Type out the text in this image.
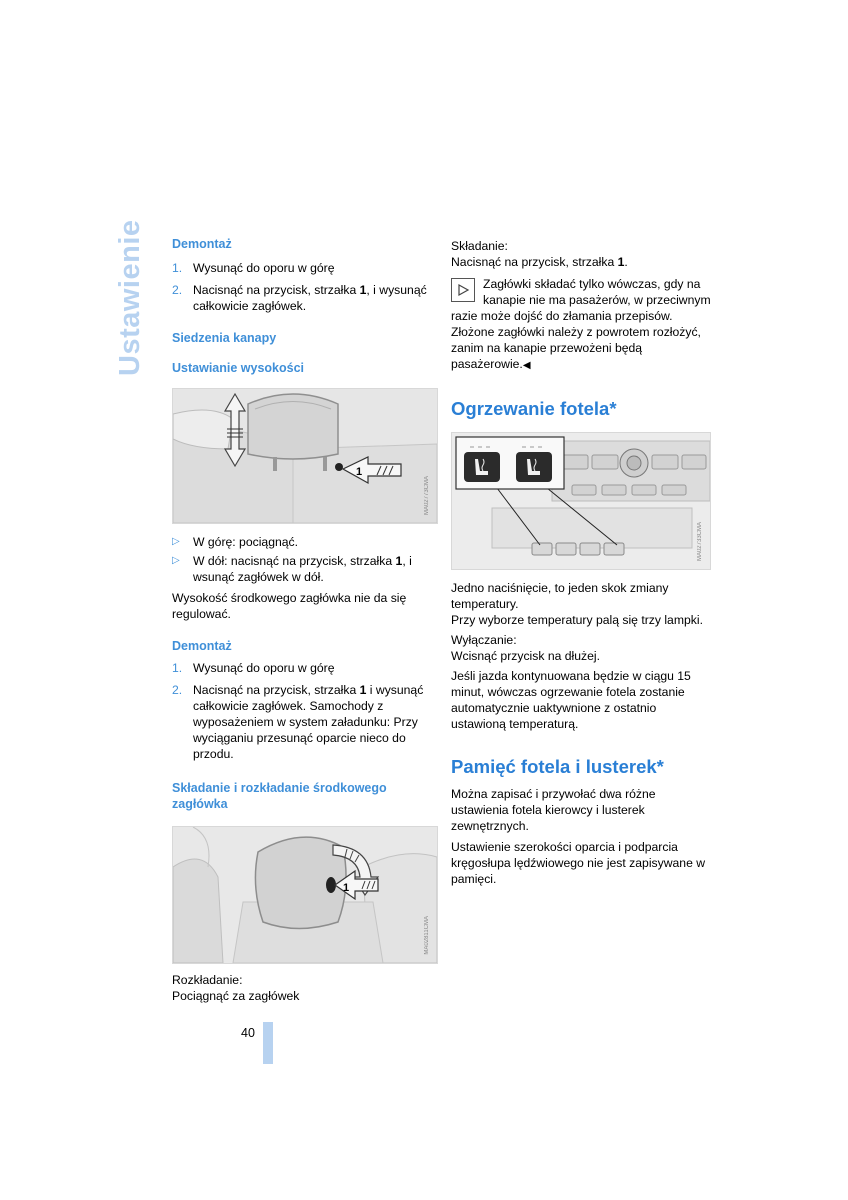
Ustawienie Demontaż
1. Wysunąć do oporu w górę
2. Nacisnąć na przycisk, strzałka 1, i wysunąć całkowicie zagłówek.
Siedzenia kanapy
Ustawianie wysokości
1
MA02773CMA
▷ W górę: pociągnąć.
▷ W dół: nacisnąć na przycisk, strzałka 1, i wsunąć zagłówek w dół.

Wysokość środkowego zagłówka nie da się regulować.

Demontaż
1. Wysunąć do oporu w górę
2. Nacisnąć na przycisk, strzałka 1 i wysunąć całkowicie zagłówek. Samochody z wyposażeniem w system załadunku: Przy wyciąganiu przesunąć oparcie nieco do przodu.
Składanie i rozkładanie środkowego zagłówka
1
MA02811CMA

Rozkładanie:

Pociągnąć za zagłówek

Składanie:

Nacisnąć na przycisk, strzałka 1.

Zagłówki składać tylko wówczas, gdy na kanapie nie ma pasażerów, w przeciwnym razie może dojść do złamania przepisów. Złożone zagłówki należy z powrotem rozłożyć, zanim na kanapie przewożeni będą pasażerowie.◀
Ogrzewanie fotela*
MA02733CMA

Jedno naciśnięcie, to jeden skok zmiany temperatury.

Przy wyborze temperatury palą się trzy lampki.

Wyłączanie:

Wcisnąć przycisk na dłużej.

Jeśli jazda kontynuowana będzie w ciągu 15 minut, wówczas ogrzewanie fotela zostanie automatycznie uaktywnione z ostatnio ustawioną temperaturą.

Pamięć fotela i lusterek*

Można zapisać i przywołać dwa różne ustawienia fotela kierowcy i lusterek zewnętrznych.

Ustawienie szerokości oparcia i podparcia kręgosłupa lędźwiowego nie jest zapisywane w pamięci.

40
